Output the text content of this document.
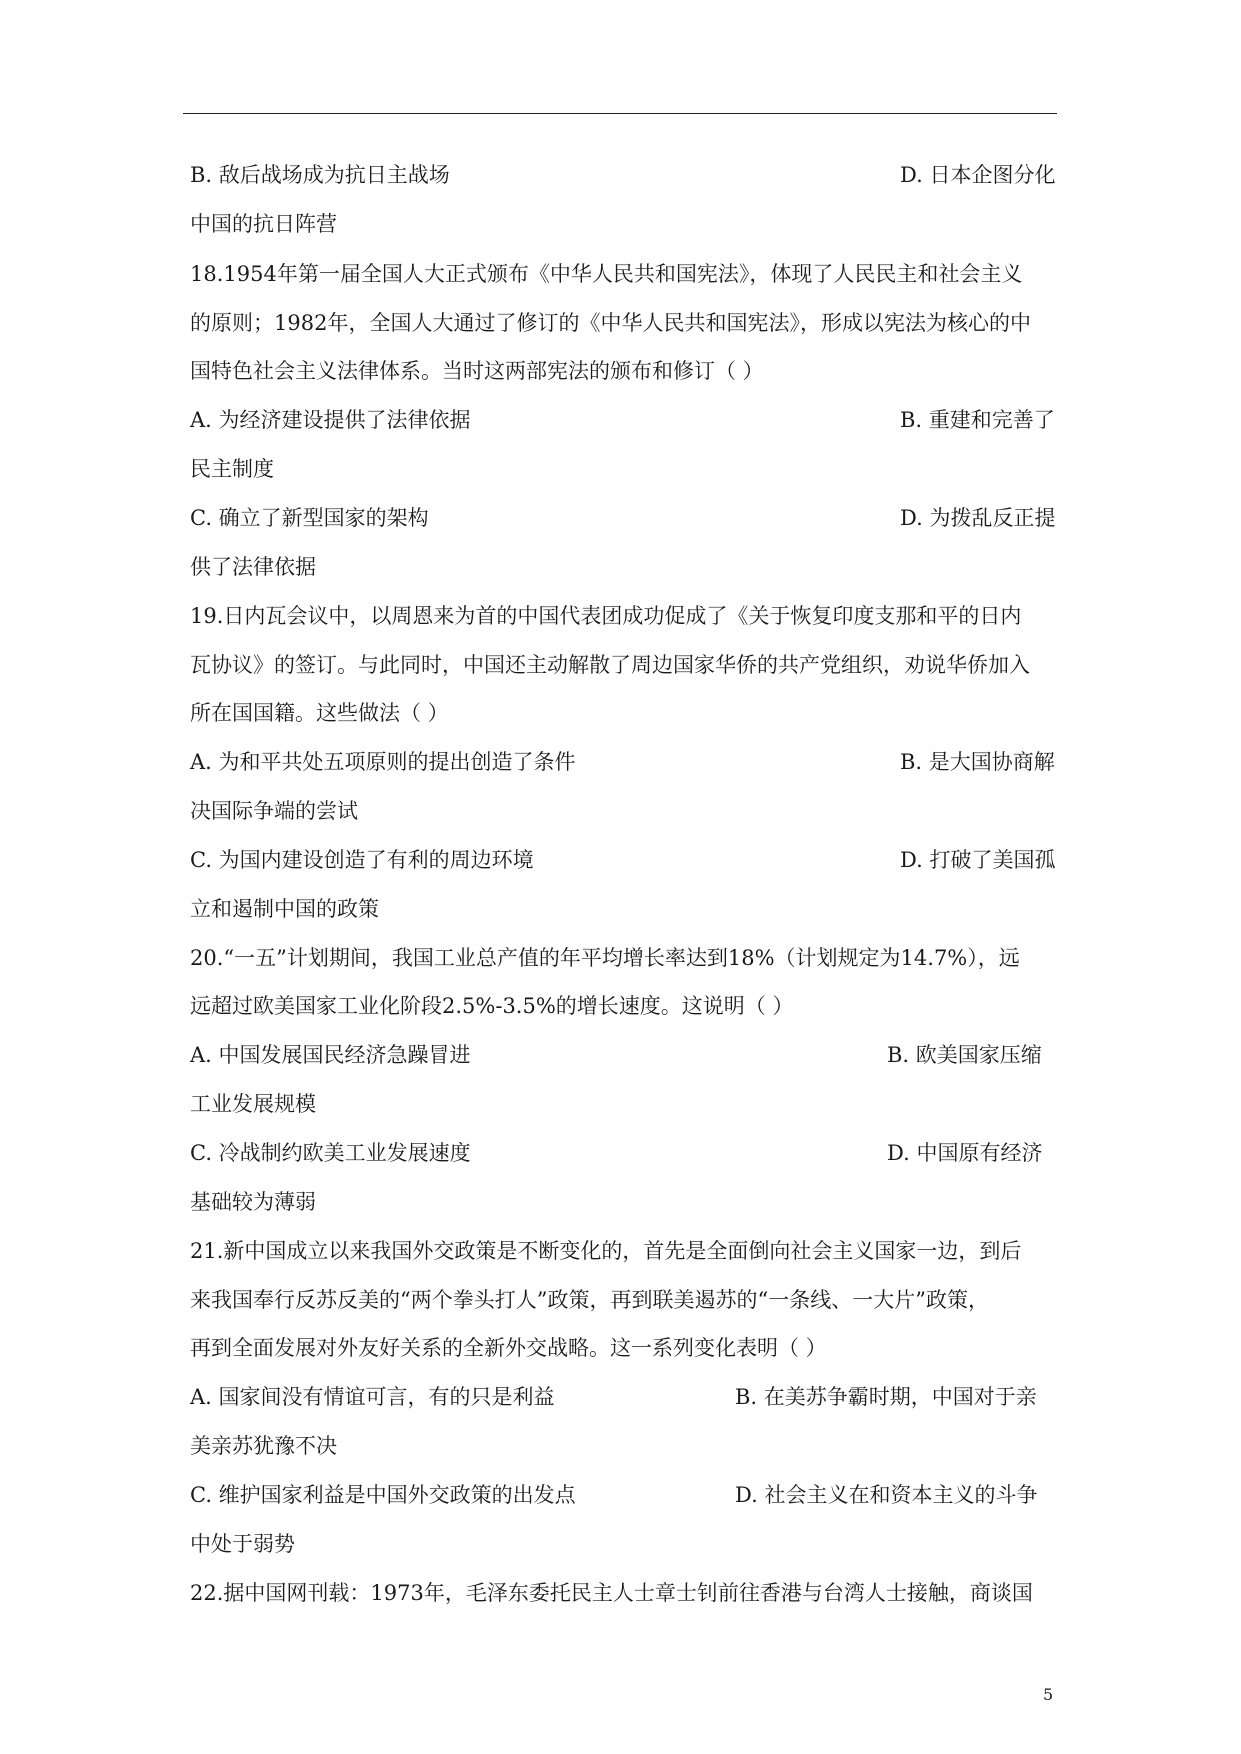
B. 敌后战场成为抗日主战场	D. 日本企图分化
中国的抗日阵营
18.1954年第一届全国人大正式颁布《中华人民共和国宪法》，体现了人民民主和社会主义
的原则；1982年，全国人大通过了修订的《中华人民共和国宪法》，形成以宪法为核心的中
国特色社会主义法律体系。当时这两部宪法的颁布和修订（ ）
A. 为经济建设提供了法律依据	B. 重建和完善了
民主制度
C. 确立了新型国家的架构	D. 为拨乱反正提
供了法律依据
19.日内瓦会议中，以周恩来为首的中国代表团成功促成了《关于恢复印度支那和平的日内
瓦协议》的签订。与此同时，中国还主动解散了周边国家华侨的共产党组织，劝说华侨加入
所在国国籍。这些做法（ ）
A. 为和平共处五项原则的提出创造了条件	B. 是大国协商解
决国际争端的尝试
C. 为国内建设创造了有利的周边环境	D. 打破了美国孤
立和遏制中国的政策
20.“一五”计划期间，我国工业总产值的年平均增长率达到18%（计划规定为14.7%），远
远超过欧美国家工业化阶段2.5%-3.5%的增长速度。这说明（ ）
A. 中国发展国民经济急躁冒进	B. 欧美国家压缩
工业发展规模
C. 冷战制约欧美工业发展速度	D. 中国原有经济
基础较为薄弱
21.新中国成立以来我国外交政策是不断变化的，首先是全面倒向社会主义国家一边，到后
来我国奉行反苏反美的“两个拳头打人”政策，再到联美遏苏的“一条线、一大片”政策，
再到全面发展对外友好关系的全新外交战略。这一系列变化表明（ ）
A. 国家间没有情谊可言，有的只是利益	B. 在美苏争霸时期，中国对于亲
美亲苏犹豫不决
C. 维护国家利益是中国外交政策的出发点	D. 社会主义在和资本主义的斗争
中处于弱势
22.据中国网刊载：1973年，毛泽东委托民主人士章士钊前往香港与台湾人士接触，商谈国
5
